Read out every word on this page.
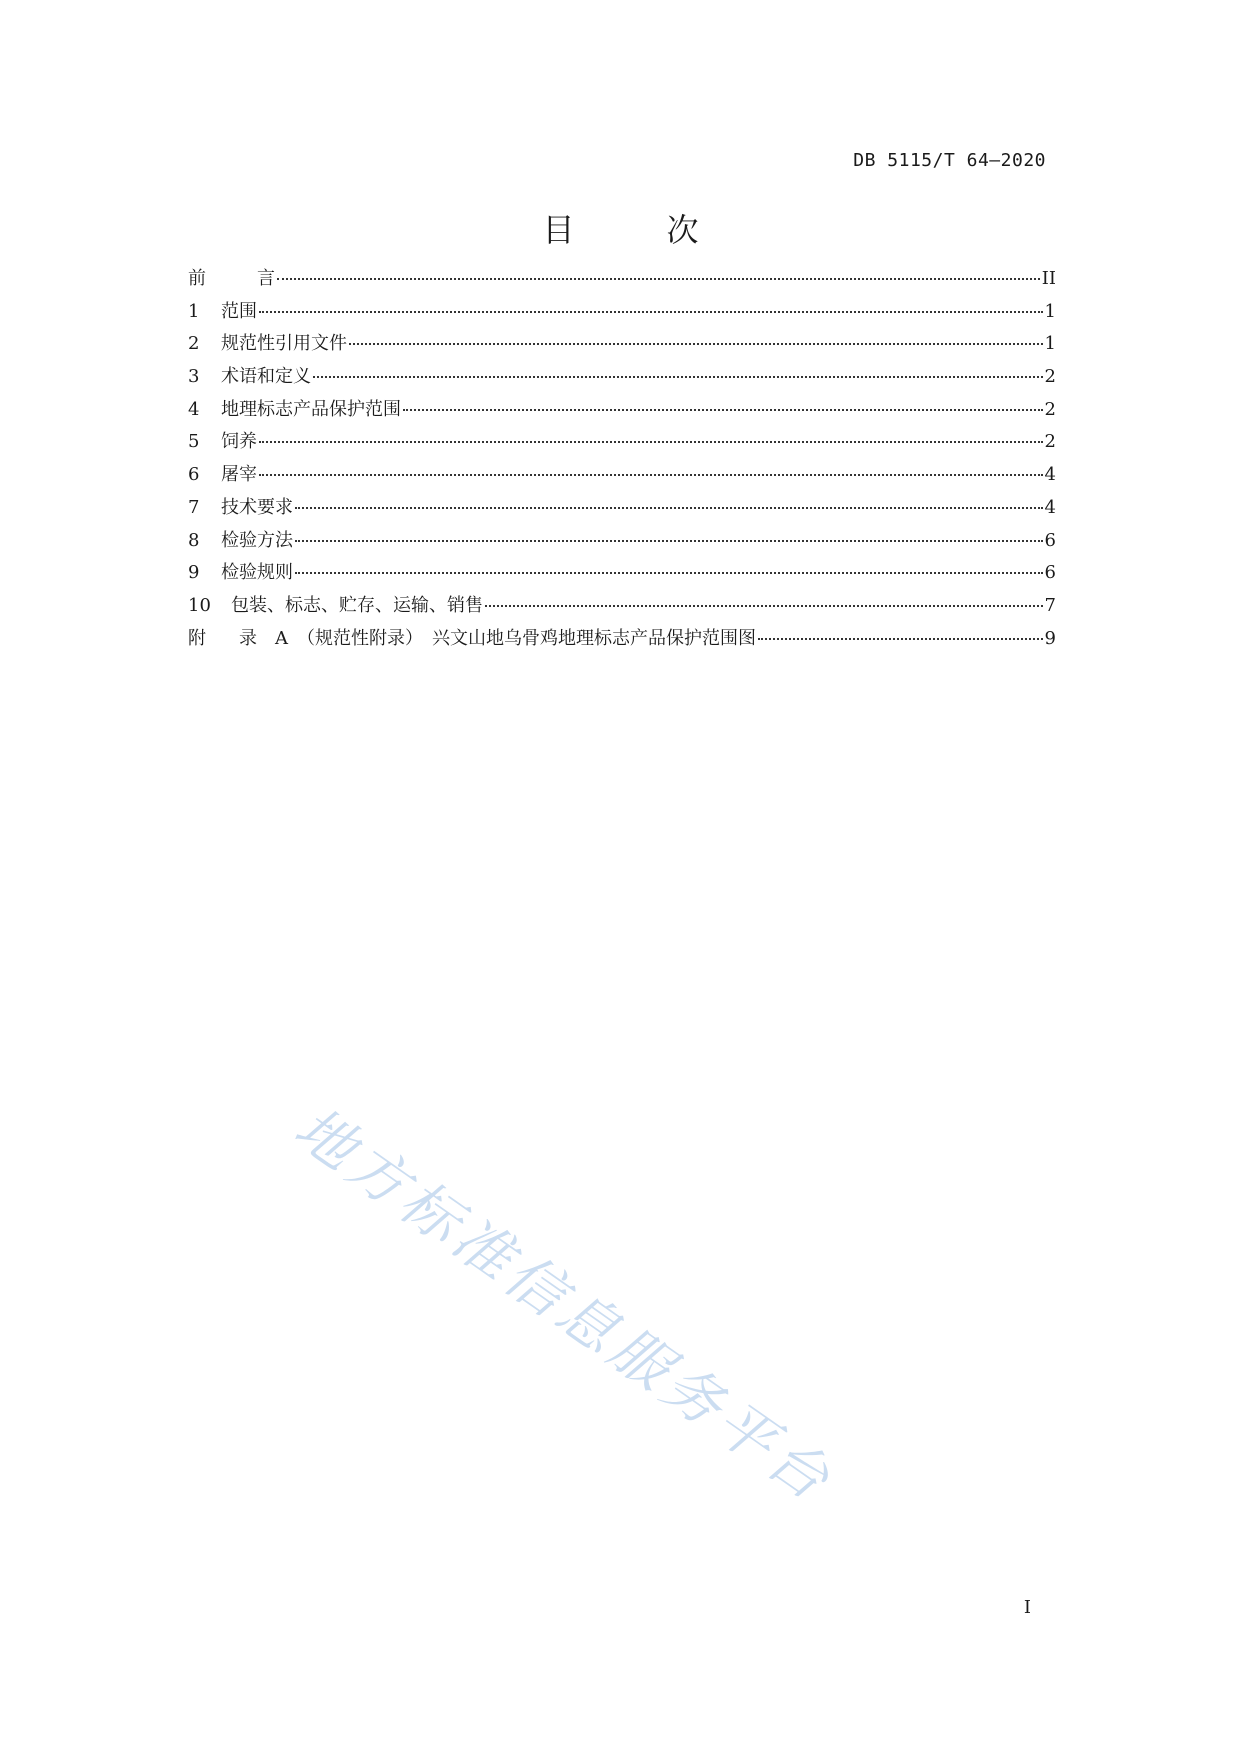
DB 5115/T 64—2020
目　次
前 　　言	II
1	范围	1
2	规范性引用文件	1
3	术语和定义	2
4	地理标志产品保护范围	2
5	饲养	2
6	屠宰	4
7	技术要求	4
8	检验方法	6
9	检验规则	6
10	包装、标志、贮存、运输、销售	7
附 　录　A　（规范性附录）　兴文山地乌骨鸡地理标志产品保护范围图	9
地方标准信息服务平台
I
